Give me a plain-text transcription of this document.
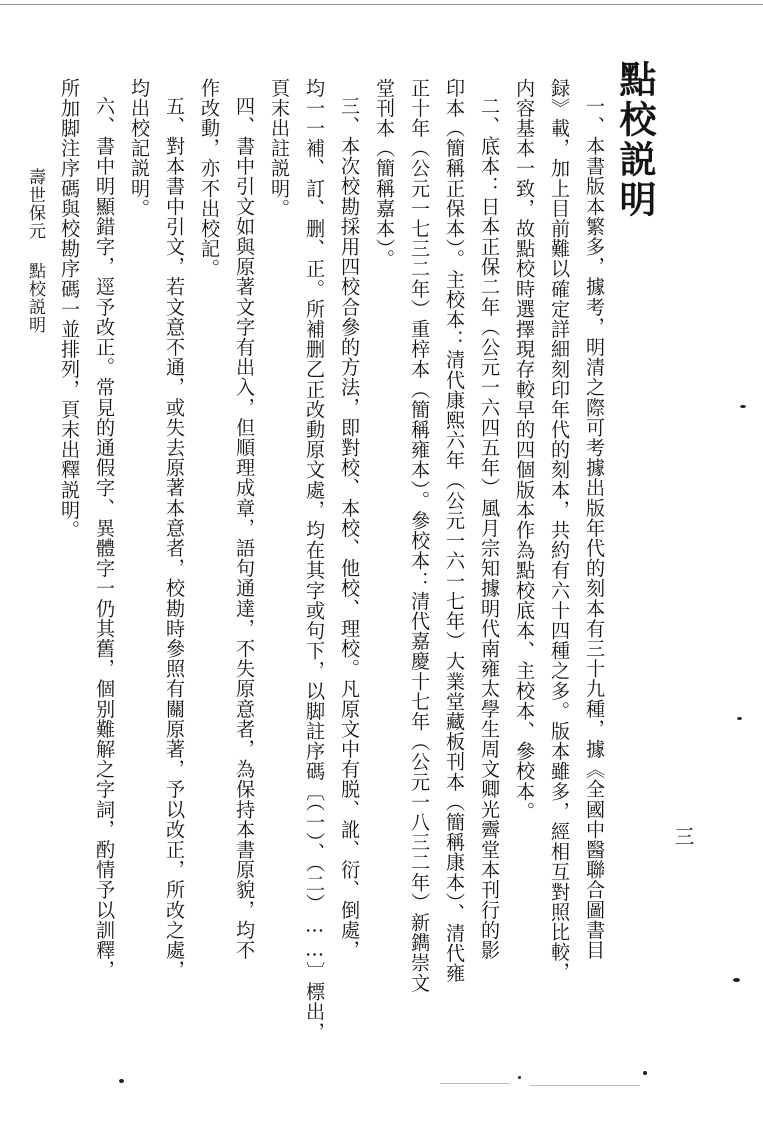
點校説明
一、本書版本繁多，據考，明清之際可考據出版年代的刻本有三十九種，據《全國中醫聯合圖書目
録》載，加上目前難以確定詳細刻印年代的刻本，共約有六十四種之多。版本雖多，經相互對照比較，
内容基本一致，故點校時選擇現存較早的四個版本作為點校底本、主校本、參校本。
二、底本：日本正保二年（公元一六四五年）風月宗知據明代南雍太學生周文卿光霽堂本刊行的影
印本（簡稱正保本）。主校本：清代康熙六年（公元一六一七年）大業堂藏板刊本（簡稱康本）、清代雍
正十年（公元一七三二年）重梓本（簡稱雍本）。參校本：清代嘉慶十七年（公元一八三二年）新鐫崇文
堂刊本（簡稱嘉本）。
三、本次校勘採用四校合參的方法，即對校、本校、他校、理校。凡原文中有脱、訛、衍、倒處，
均一一補、訂、删、正。所補删乙正改動原文處，均在其字或句下，以脚註序碼〔（一）、（二）……〕標出，
頁末出註説明。
四、書中引文如與原著文字有出入，但順理成章，語句通達，不失原意者，為保持本書原貌，均不
作改動，亦不出校記。
五、對本書中引文，若文意不通，或失去原著本意者，校勘時參照有關原著，予以改正，所改之處，
均出校記説明。
六、書中明顯錯字，逕予改正。常見的通假字、異體字一仍其舊，個别難解之字詞，酌情予以訓釋，
所加脚注序碼與校勘序碼一並排列，頁末出釋説明。
壽世保元點校説明
三
